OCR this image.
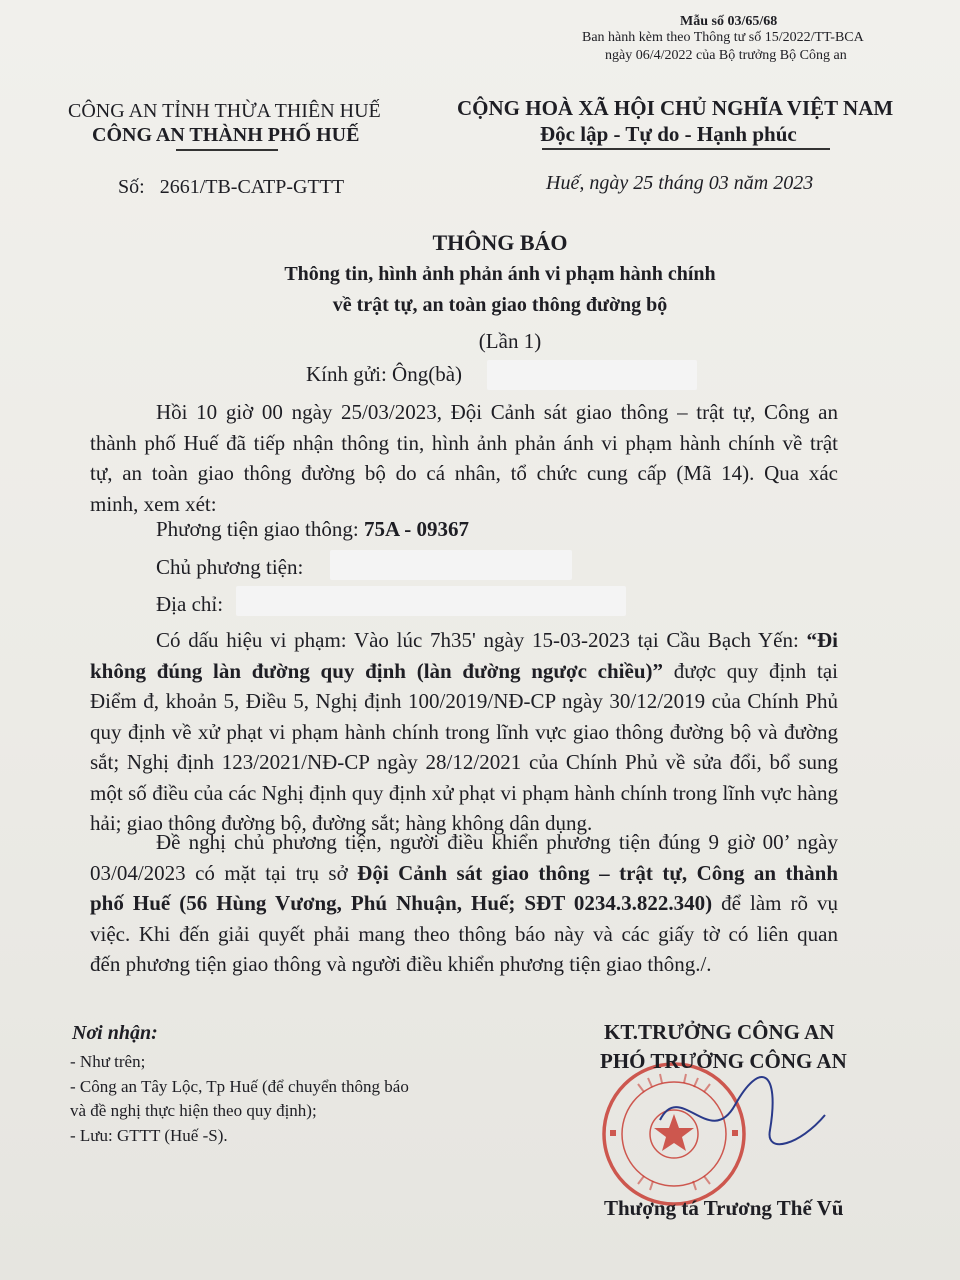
Mẫu số 03/65/68
Ban hành kèm theo Thông tư số 15/2022/TT-BCA
ngày 06/4/2022 của Bộ trưởng Bộ Công an
CÔNG AN TỈNH THỪA THIÊN HUẾ
CÔNG AN THÀNH PHỐ HUẾ
CỘNG HOÀ XÃ HỘI CHỦ NGHĨA VIỆT NAM
Độc lập - Tự do - Hạnh phúc
Số: 2661/TB-CATP-GTTT	Huế, ngày 25 tháng 03 năm 2023
THÔNG BÁO
Thông tin, hình ảnh phản ánh vi phạm hành chính
về trật tự, an toàn giao thông đường bộ
(Lần 1)
Kính gửi: Ông(bà)
Hồi 10 giờ 00 ngày 25/03/2023, Đội Cảnh sát giao thông – trật tự, Công an
thành phố Huế đã tiếp nhận thông tin, hình ảnh phản ánh vi phạm hành chính về trật
tự, an toàn giao thông đường bộ do cá nhân, tổ chức cung cấp (Mã 14). Qua xác
minh, xem xét:
Phương tiện giao thông: 75A - 09367
Chủ phương tiện:
Địa chỉ:
Có dấu hiệu vi phạm: Vào lúc 7h35' ngày 15-03-2023 tại Cầu Bạch Yến: “Đi
không đúng làn đường quy định (làn đường ngược chiều)” được quy định tại
Điểm đ, khoản 5, Điều 5, Nghị định 100/2019/NĐ-CP ngày 30/12/2019 của Chính Phủ
quy định về xử phạt vi phạm hành chính trong lĩnh vực giao thông đường bộ và đường
sắt; Nghị định 123/2021/NĐ-CP ngày 28/12/2021 của Chính Phủ về sửa đổi, bổ sung
một số điều của các Nghị định quy định xử phạt vi phạm hành chính trong lĩnh vực hàng
hải; giao thông đường bộ, đường sắt; hàng không dân dụng.
Đề nghị chủ phương tiện, người điều khiển phương tiện đúng 9 giờ 00’ ngày
03/04/2023 có mặt tại trụ sở Đội Cảnh sát giao thông – trật tự, Công an thành
phố Huế (56 Hùng Vương, Phú Nhuận, Huế; SĐT 0234.3.822.340) để làm rõ vụ
việc. Khi đến giải quyết phải mang theo thông báo này và các giấy tờ có liên quan
đến phương tiện giao thông và người điều khiển phương tiện giao thông./.
Nơi nhận:
- Như trên;
- Công an Tây Lộc, Tp Huế (để chuyển thông báo
và đề nghị thực hiện theo quy định);
- Lưu: GTTT (Huế -S).
KT.TRƯỞNG CÔNG AN
PHÓ TRƯỞNG CÔNG AN
Thượng tá Trương Thế Vũ
